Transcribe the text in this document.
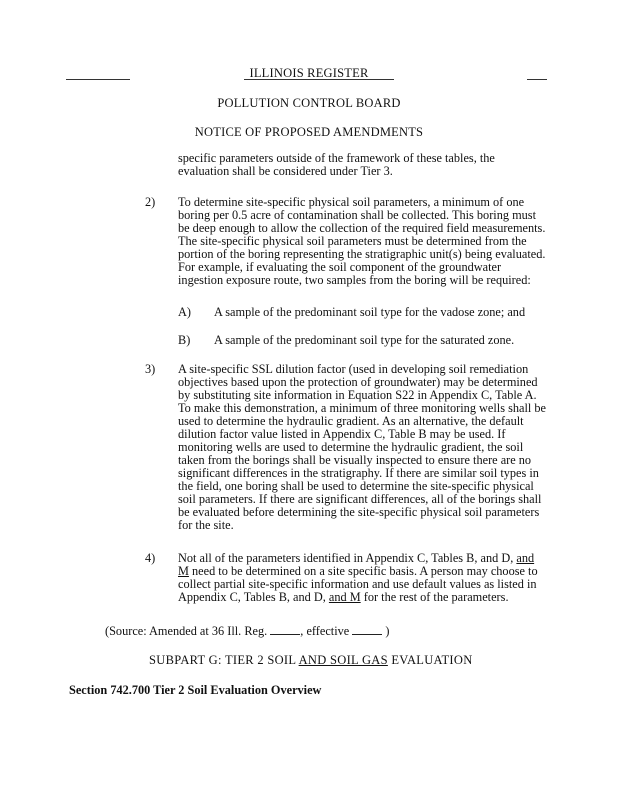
ILLINOIS REGISTER
POLLUTION CONTROL BOARD
NOTICE OF PROPOSED AMENDMENTS
specific parameters outside of the framework of these tables, the
evaluation shall be considered under Tier 3.
2) To determine site-specific physical soil parameters, a minimum of one
boring per 0.5 acre of contamination shall be collected. This boring must
be deep enough to allow the collection of the required field measurements.
The site-specific physical soil parameters must be determined from the
portion of the boring representing the stratigraphic unit(s) being evaluated.
For example, if evaluating the soil component of the groundwater
ingestion exposure route, two samples from the boring will be required:
A) A sample of the predominant soil type for the vadose zone; and
B) A sample of the predominant soil type for the saturated zone.
3) A site-specific SSL dilution factor (used in developing soil remediation
objectives based upon the protection of groundwater) may be determined
by substituting site information in Equation S22 in Appendix C, Table A.
To make this demonstration, a minimum of three monitoring wells shall be
used to determine the hydraulic gradient. As an alternative, the default
dilution factor value listed in Appendix C, Table B may be used. If
monitoring wells are used to determine the hydraulic gradient, the soil
taken from the borings shall be visually inspected to ensure there are no
significant differences in the stratigraphy. If there are similar soil types in
the field, one boring shall be used to determine the site-specific physical
soil parameters. If there are significant differences, all of the borings shall
be evaluated before determining the site-specific physical soil parameters
for the site.
4) Not all of the parameters identified in Appendix C, Tables B, and D, and
M need to be determined on a site specific basis. A person may choose to
collect partial site-specific information and use default values as listed in
Appendix C, Tables B, and D, and M for the rest of the parameters.
(Source: Amended at 36 Ill. Reg.	, effective	)
SUBPART G: TIER 2 SOIL AND SOIL GAS EVALUATION
Section 742.700 Tier 2 Soil Evaluation Overview
